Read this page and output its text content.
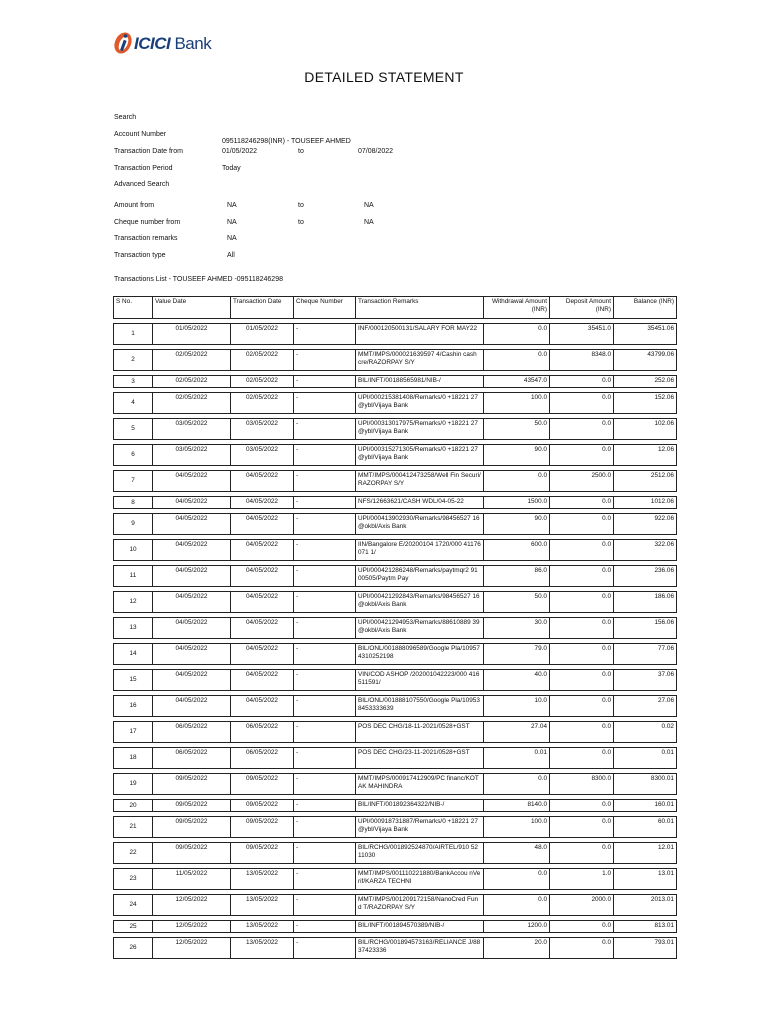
ICICI Bank
DETAILED STATEMENT
Search
Account Number
095118246298(INR) - TOUSEEF AHMED
Transaction Date from	01/05/2022	to	07/08/2022
Transaction Period	Today
Advanced Search
Amount from	NA	to	NA
Cheque number from	NA	to	NA
Transaction remarks	NA
Transaction type	All
Transactions List - TOUSEEF AHMED -095118246298
S No.	Value Date	Transaction Date	Cheque Number	Transaction Remarks	Withdrawal Amount (INR)	Deposit Amount (INR)	Balance (INR)

1	01/05/2022	01/05/2022	-	INF/000120500131/SALARY FOR MAY22	0.0	35451.0	35451.06

2	02/05/2022	02/05/2022	-	MMT/IMPS/000021639597 4/Cashin cash cre/RAZORPAY S/Y	0.0	8348.0	43799.06

3	02/05/2022	02/05/2022	-	BIL/INFT/00188565981/NIB-/	43547.0	0.0	252.06

4	02/05/2022	02/05/2022	-	UPI/000215381408/Remarks/0 +18221 27@ybl/Vijaya Bank	100.0	0.0	152.06

5	03/05/2022	03/05/2022	-	UPI/000313017975/Remarks/0 +18221 27@ybl/Vijaya Bank	50.0	0.0	102.06

6	03/05/2022	03/05/2022	-	UPI/000315271305/Remarks/0 +18221 27@ybl/Vijaya Bank	90.0	0.0	12.06

7	04/05/2022	04/05/2022	-	MMT/IMPS/000412473258/Well Fin Securi/RAZORPAY S/Y	0.0	2500.0	2512.06

8	04/05/2022	04/05/2022	-	NFS/12663621/CASH WDL/04-05-22	1500.0	0.0	1012.06

9	04/05/2022	04/05/2022	-	UPI/000413902930/Remarks/98456527 16@okbl/Axis Bank	90.0	0.0	922.06

10	04/05/2022	04/05/2022	-	IIN/Bangalore E/20200104 1720/000 41176071 1/	600.0	0.0	322.06

11	04/05/2022	04/05/2022	-	UPI/000421286248/Remarks/paytmqr2 9100505/Paytm Pay	86.0	0.0	236.06

12	04/05/2022	04/05/2022	-	UPI/000421292843/Remarks/98456527 16@okbl/Axis Bank	50.0	0.0	186.06

13	04/05/2022	04/05/2022	-	UPI/000421294953/Remarks/88610889 39@okbl/Axis Bank	30.0	0.0	156.06

14	04/05/2022	04/05/2022	-	BIL/ONL/001888096589/Google Pla/10957 4310252198	79.0	0.0	77.06

15	04/05/2022	04/05/2022	-	VIN/COD ASHOP /202001042223/000 416511591/	40.0	0.0	37.06

16	04/05/2022	04/05/2022	-	BIL/ONL/001888107550/Google Pla/109538453333639	10.0	0.0	27.06

17	06/05/2022	06/05/2022	-	POS DEC CHG/18-11-2021/0528+GST	27.04	0.0	0.02

18	06/05/2022	06/05/2022	-	POS DEC CHG/23-11-2021/0528+GST	0.01	0.0	0.01

19	09/05/2022	09/05/2022	-	MMT/IMPS/000917412909/PC financ/KOTAK MAHINDRA	0.0	8300.0	8300.01

20	09/05/2022	09/05/2022	-	BIL/INFT/001892364322/NIB-/	8140.0	0.0	160.01

21	09/05/2022	09/05/2022	-	UPI/000918731887/Remarks/0 +18221 27@ybl/Vijaya Bank	100.0	0.0	60.01

22	09/05/2022	09/05/2022	-	BIL/RCHG/001892524870/AIRTEL/910 5211030	48.0	0.0	12.01

23	11/05/2022	13/05/2022	-	MMT/IMPS/001110221880/BankAccou nVerif/KARZA TECHNI	0.0	1.0	13.01

24	12/05/2022	13/05/2022	-	MMT/IMPS/001209172158/NanoCred Fund T/RAZORPAY S/Y	0.0	2000.0	2013.01

25	12/05/2022	13/05/2022	-	BIL/INFT/001894570389/NIB-/	1200.0	0.0	813.01

26	12/05/2022	13/05/2022	-	BIL/RCHG/001894573163/RELIANCE J/8837423336	20.0	0.0	793.01
